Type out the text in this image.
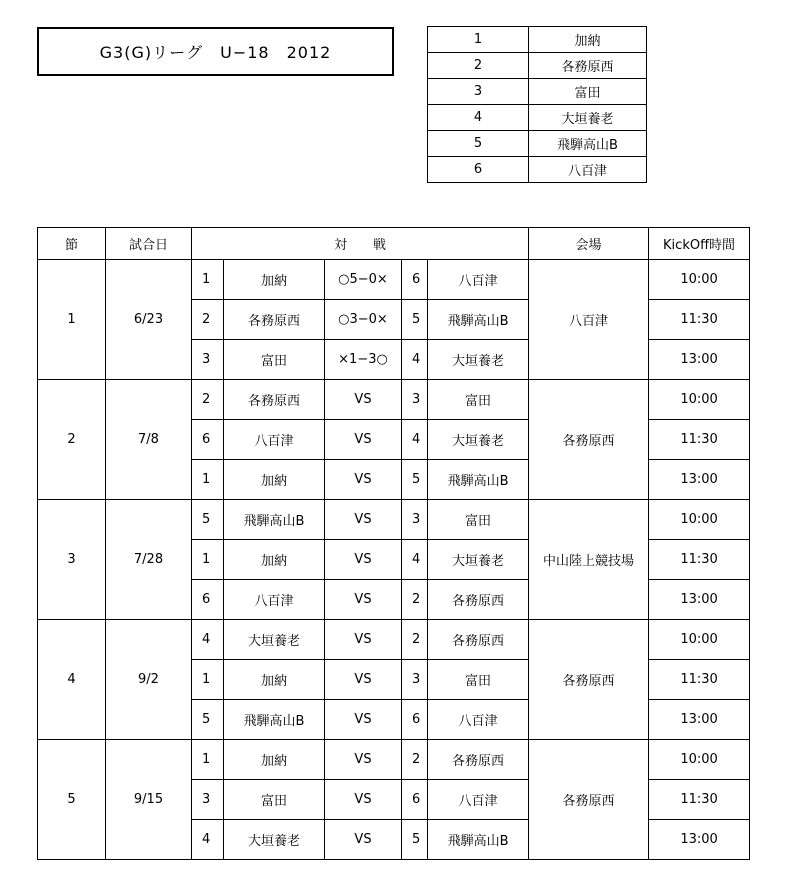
G3(G)リーグ　U−18　2012
1	加納
2	各務原西
3	富田
4	大垣養老
5	飛騨高山B
6	八百津
節	試合日	対　　戦					会場	KickOff時間
1	6/23	1	加納	○5−0×	6	八百津	八百津	10:00
		2	各務原西	○3−0×	5	飛騨高山B		11:30
		3	富田	×1−3○	4	大垣養老		13:00
2	7/8	2	各務原西	VS	3	富田	各務原西	10:00
		6	八百津	VS	4	大垣養老		11:30
		1	加納	VS	5	飛騨高山B		13:00
3	7/28	5	飛騨高山B	VS	3	富田	中山陸上競技場	10:00
		1	加納	VS	4	大垣養老		11:30
		6	八百津	VS	2	各務原西		13:00
4	9/2	4	大垣養老	VS	2	各務原西	各務原西	10:00
		1	加納	VS	3	富田		11:30
		5	飛騨高山B	VS	6	八百津		13:00
5	9/15	1	加納	VS	2	各務原西	各務原西	10:00
		3	富田	VS	6	八百津		11:30
		4	大垣養老	VS	5	飛騨高山B		13:00
